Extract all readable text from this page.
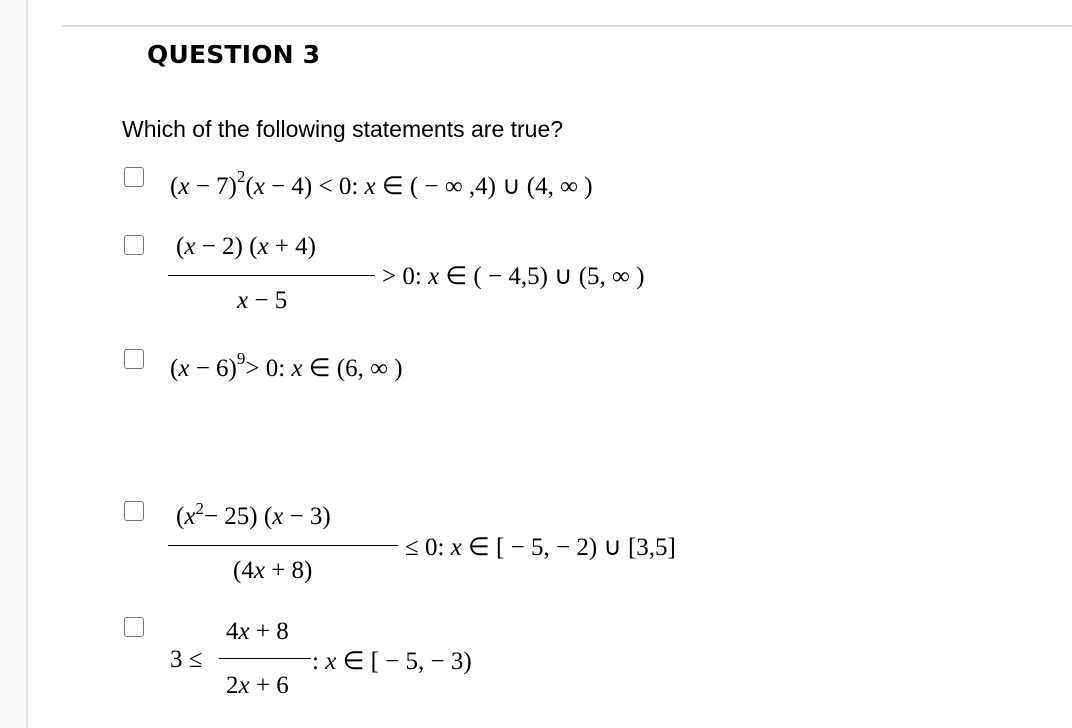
QUESTION 3
Which of the following statements are true?
$(x - 7)^2(x - 4) < 0$: x ∈ ( − ∞ ,4) ∪ (4, ∞ )
(x − 2) (x + 4)
x − 5
> 0: x ∈ ( − 4,5) ∪ (5, ∞ )
$(x - 6)^9> 0$: x ∈ (6, ∞ )
$(x^2- 25) (x - 3)$
(4x + 8)
≤ 0: x ∈ [ − 5, − 2) ∪ [3,5]
3 ≤
4x + 8
2x + 6
: x ∈ [ − 5, − 3)
